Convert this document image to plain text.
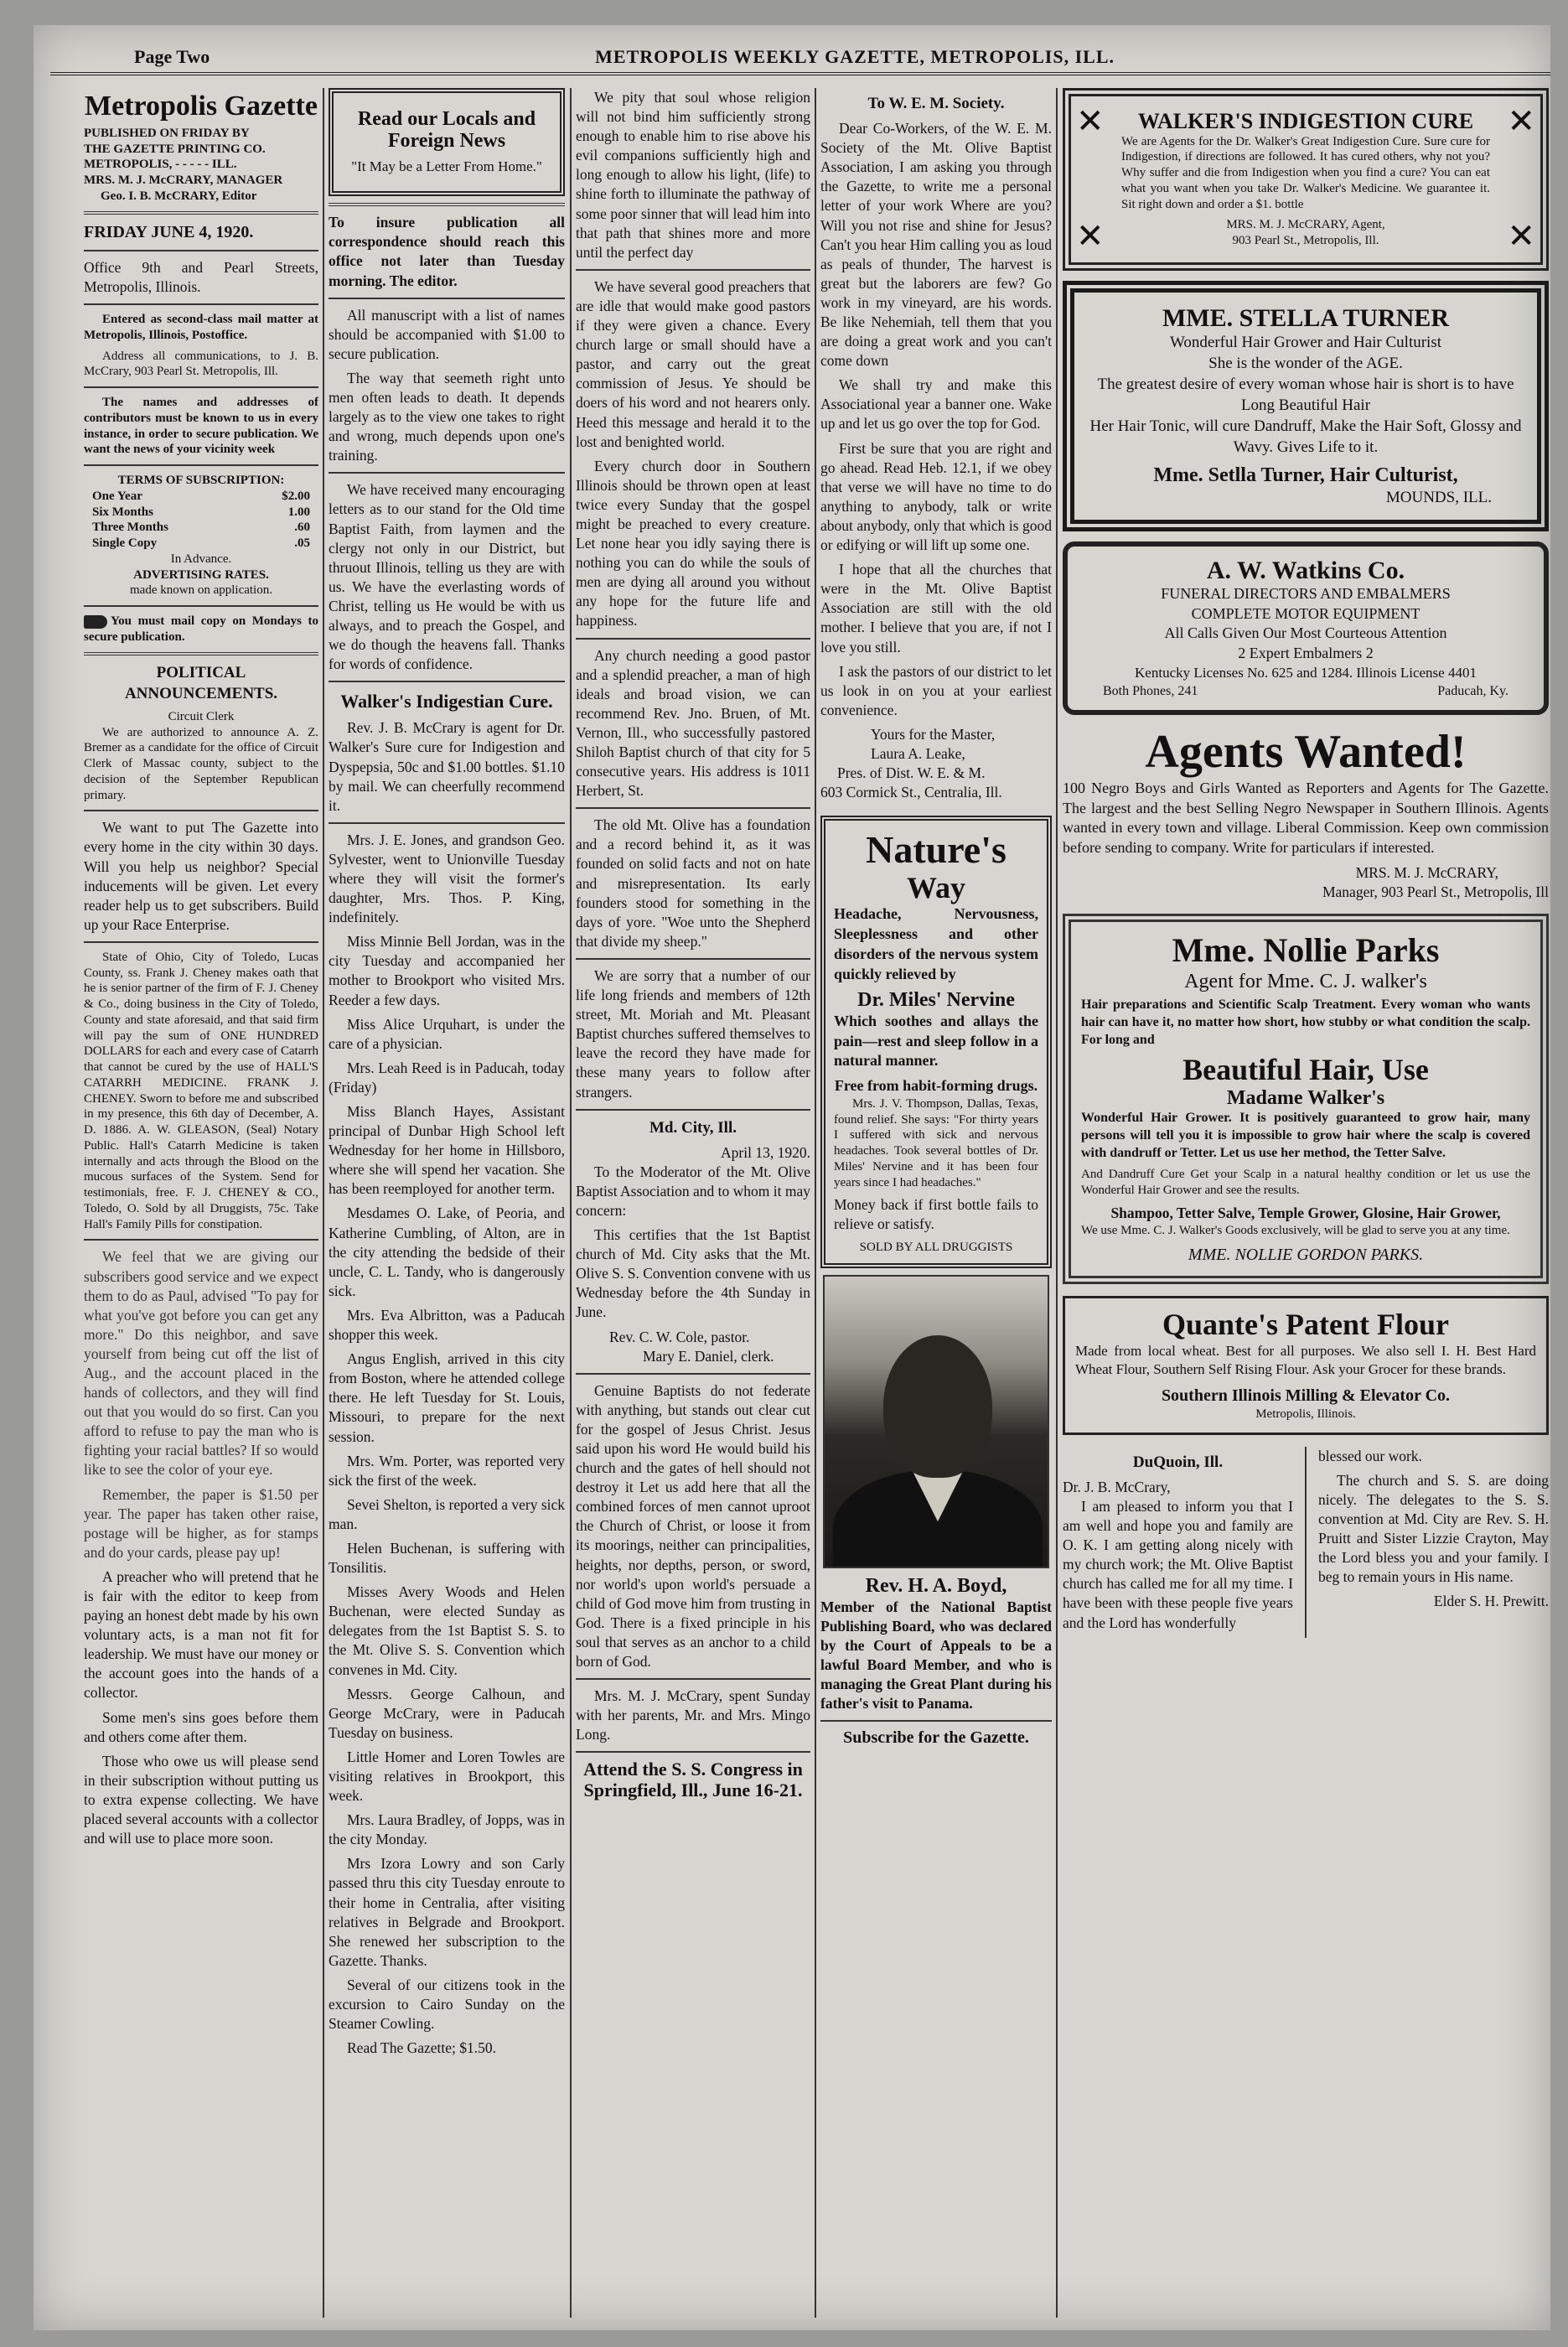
Page Two	METROPOLIS WEEKLY GAZETTE, METROPOLIS, ILL.
Metropolis Gazette
PUBLISHED ON FRIDAY BY
THE GAZETTE PRINTING CO.
METROPOLIS, - - - - - ILL.
MRS. M. J. McCRARY, MANAGER
Geo. I. B. McCRARY, Editor
FRIDAY JUNE 4, 1920.

Office 9th and Pearl Streets, Metropolis, Illinois.

Entered as second-class mail matter at Metropolis, Illinois, Postoffice.

Address all communications, to J. B. McCrary, 903 Pearl St. Metropolis, Ill.

The names and addresses of contributors must be known to us in every instance, in order to secure publication. We want the news of your vicinity week

TERMS OF SUBSCRIPTION:
One Year	$2.00
Six Months	1.00
Three Months	.60
Single Copy	.05
In Advance.
ADVERTISING RATES.
made known on application.

You must mail copy on Mondays to secure publication.

POLITICAL ANNOUNCEMENTS.
Circuit Clerk

We are authorized to announce A. Z. Bremer as a candidate for the office of Circuit Clerk of Massac county, subject to the decision of the September Republican primary.

We want to put The Gazette into every home in the city within 30 days. Will you help us neighbor? Special inducements will be given. Let every reader help us to get subscribers. Build up your Race Enterprise.

State of Ohio, City of Toledo, Lucas County, ss. Frank J. Cheney makes oath that he is senior partner of the firm of F. J. Cheney & Co., doing business in the City of Toledo, County and state aforesaid, and that said firm will pay the sum of ONE HUNDRED DOLLARS for each and every case of Catarrh that cannot be cured by the use of HALL'S CATARRH MEDICINE. FRANK J. CHENEY. Sworn to before me and subscribed in my presence, this 6th day of December, A. D. 1886. A. W. GLEASON, (Seal) Notary Public. Hall's Catarrh Medicine is taken internally and acts through the Blood on the mucous surfaces of the System. Send for testimonials, free. F. J. CHENEY & CO., Toledo, O. Sold by all Druggists, 75c. Take Hall's Family Pills for constipation.

We feel that we are giving our subscribers good service and we expect them to do as Paul, advised "To pay for what you've got before you can get any more." Do this neighbor, and save yourself from being cut off the list of Aug., and the account placed in the hands of collectors, and they will find out that you would do so first. Can you afford to refuse to pay the man who is fighting your racial battles? If so would like to see the color of your eye.

Remember, the paper is $1.50 per year. The paper has taken other raise, postage will be higher, as for stamps and do your cards, please pay up!

A preacher who will pretend that he is fair with the editor to keep from paying an honest debt made by his own voluntary acts, is a man not fit for leadership. We must have our money or the account goes into the hands of a collector.

Some men's sins goes before them and others come after them.

Those who owe us will please send in their subscription without putting us to extra expense collecting. We have placed several accounts with a collector and will use to place more soon.

Read our Locals and Foreign News
"It May be a Letter From Home."

To insure publication all correspondence should reach this office not later than Tuesday morning. The editor.

All manuscript with a list of names should be accompanied with $1.00 to secure publication.

The way that seemeth right unto men often leads to death. It depends largely as to the view one takes to right and wrong, much depends upon one's training.

We have received many encouraging letters as to our stand for the Old time Baptist Faith, from laymen and the clergy not only in our District, but thruout Illinois, telling us they are with us. We have the everlasting words of Christ, telling us He would be with us always, and to preach the Gospel, and we do though the heavens fall. Thanks for words of confidence.

Walker's Indigestian Cure.

Rev. J. B. McCrary is agent for Dr. Walker's Sure cure for Indigestion and Dyspepsia, 50c and $1.00 bottles. $1.10 by mail. We can cheerfully recommend it.

Mrs. J. E. Jones, and grandson Geo. Sylvester, went to Unionville Tuesday where they will visit the former's daughter, Mrs. Thos. P. King, indefinitely.

Miss Minnie Bell Jordan, was in the city Tuesday and accompanied her mother to Brookport who visited Mrs. Reeder a few days.

Miss Alice Urquhart, is under the care of a physician.

Mrs. Leah Reed is in Paducah, today (Friday)

Miss Blanch Hayes, Assistant principal of Dunbar High School left Wednesday for her home in Hillsboro, where she will spend her vacation. She has been reemployed for another term.

Mesdames O. Lake, of Peoria, and Katherine Cumbling, of Alton, are in the city attending the bedside of their uncle, C. L. Tandy, who is dangerously sick.

Mrs. Eva Albritton, was a Paducah shopper this week.

Angus English, arrived in this city from Boston, where he attended college there. He left Tuesday for St. Louis, Missouri, to prepare for the next session.

Mrs. Wm. Porter, was reported very sick the first of the week.

Sevei Shelton, is reported a very sick man.

Helen Buchenan, is suffering with Tonsilitis.

Misses Avery Woods and Helen Buchenan, were elected Sunday as delegates from the 1st Baptist S. S. to the Mt. Olive S. S. Convention which convenes in Md. City.

Messrs. George Calhoun, and George McCrary, were in Paducah Tuesday on business.

Little Homer and Loren Towles are visiting relatives in Brookport, this week.

Mrs. Laura Bradley, of Jopps, was in the city Monday.

Mrs Izora Lowry and son Carly passed thru this city Tuesday enroute to their home in Centralia, after visiting relatives in Belgrade and Brookport. She renewed her subscription to the Gazette. Thanks.

Several of our citizens took in the excursion to Cairo Sunday on the Steamer Cowling.

Read The Gazette; $1.50.

We pity that soul whose religion will not bind him sufficiently strong enough to enable him to rise above his evil companions sufficiently high and long enough to allow his light, (life) to shine forth to illuminate the pathway of some poor sinner that will lead him into that path that shines more and more until the perfect day

We have several good preachers that are idle that would make good pastors if they were given a chance. Every church large or small should have a pastor, and carry out the great commission of Jesus. Ye should be doers of his word and not hearers only. Heed this message and herald it to the lost and benighted world.

Every church door in Southern Illinois should be thrown open at least twice every Sunday that the gospel might be preached to every creature. Let none hear you idly saying there is nothing you can do while the souls of men are dying all around you without any hope for the future life and happiness.

Any church needing a good pastor and a splendid preacher, a man of high ideals and broad vision, we can recommend Rev. Jno. Bruen, of Mt. Vernon, Ill., who successfully pastored Shiloh Baptist church of that city for 5 consecutive years. His address is 1011 Herbert, St.

The old Mt. Olive has a foundation and a record behind it, as it was founded on solid facts and not on hate and misrepresentation. Its early founders stood for something in the days of yore. "Woe unto the Shepherd that divide my sheep."

We are sorry that a number of our life long friends and members of 12th street, Mt. Moriah and Mt. Pleasant Baptist churches suffered themselves to leave the record they have made for these many years to follow after strangers.

Md. City, Ill.
April 13, 1920.

To the Moderator of the Mt. Olive Baptist Association and to whom it may concern:

This certifies that the 1st Baptist church of Md. City asks that the Mt. Olive S. S. Convention convene with us Wednesday before the 4th Sunday in June.

Rev. C. W. Cole, pastor.
Mary E. Daniel, clerk.

Genuine Baptists do not federate with anything, but stands out clear cut for the gospel of Jesus Christ. Jesus said upon his word He would build his church and the gates of hell should not destroy it Let us add here that all the combined forces of men cannot uproot the Church of Christ, or loose it from its moorings, neither can principalities, heights, nor depths, person, or sword, nor world's upon world's persuade a child of God move him from trusting in God. There is a fixed principle in his soul that serves as an anchor to a child born of God.

Mrs. M. J. McCrary, spent Sunday with her parents, Mr. and Mrs. Mingo Long.

Attend the S. S. Congress in Springfield, Ill., June 16-21.
To W. E. M. Society.

Dear Co-Workers, of the W. E. M. Society of the Mt. Olive Baptist Association, I am asking you through the Gazette, to write me a personal letter of your work Where are you? Will you not rise and shine for Jesus? Can't you hear Him calling you as loud as peals of thunder, The harvest is great but the laborers are few? Go work in my vineyard, are his words. Be like Nehemiah, tell them that you are doing a great work and you can't come down

We shall try and make this Associational year a banner one. Wake up and let us go over the top for God.

First be sure that you are right and go ahead. Read Heb. 12.1, if we obey that verse we will have no time to do anything to anybody, talk or write about anybody, only that which is good or edifying or will lift up some one.

I hope that all the churches that were in the Mt. Olive Baptist Association are still with the old mother. I believe that you are, if not I love you still.

I ask the pastors of our district to let us look in on you at your earliest convenience.

Yours for the Master,
Laura A. Leake,
Pres. of Dist. W. E. & M.
603 Cormick St., Centralia, Ill.
Nature's
Way

Headache, Nervousness, Sleeplessness and other disorders of the nervous system quickly relieved by

Dr. Miles' Nervine

Which soothes and allays the pain—rest and sleep follow in a natural manner.

Free from habit-forming drugs.

Mrs. J. V. Thompson, Dallas, Texas, found relief. She says: "For thirty years I suffered with sick and nervous headaches. Took several bottles of Dr. Miles' Nervine and it has been four years since I had headaches."

Money back if first bottle fails to relieve or satisfy.

SOLD BY ALL DRUGGISTS
Rev. H. A. Boyd,

Member of the National Baptist Publishing Board, who was declared by the Court of Appeals to be a lawful Board Member, and who is managing the Great Plant during his father's visit to Panama.

Subscribe for the Gazette.
✕	✕
✕	✕
WALKER'S INDIGESTION CURE

We are Agents for the Dr. Walker's Great Indigestion Cure. Sure cure for Indigestion, if directions are followed. It has cured others, why not you? Why suffer and die from Indigestion when you find a cure? You can eat what you want when you take Dr. Walker's Medicine. We guarantee it. Sit right down and order a $1. bottle

MRS. M. J. McCRARY, Agent,
903 Pearl St., Metropolis, Ill.
MME. STELLA TURNER
Wonderful Hair Grower and Hair Culturist
She is the wonder of the AGE.
The greatest desire of every woman whose hair is short is to have Long Beautiful Hair
Her Hair Tonic, will cure Dandruff, Make the Hair Soft, Glossy and Wavy. Gives Life to it.
Mme. Setlla Turner, Hair Culturist,
MOUNDS, ILL.
A. W. Watkins Co.
FUNERAL DIRECTORS AND EMBALMERS
COMPLETE MOTOR EQUIPMENT
All Calls Given Our Most Courteous Attention
2 Expert Embalmers 2
Kentucky Licenses No. 625 and 1284. Illinois License 4401
Both Phones, 241	Paducah, Ky.
Agents Wanted!

100 Negro Boys and Girls Wanted as Reporters and Agents for The Gazette. The largest and the best Selling Negro Newspaper in Southern Illinois. Agents wanted in every town and village. Liberal Commission. Keep own commission before sending to company. Write for particulars if interested.

MRS. M. J. McCRARY,
Manager, 903 Pearl St., Metropolis, Ill
Mme. Nollie Parks
Agent for Mme. C. J. walker's

Hair preparations and Scientific Scalp Treatment. Every woman who wants hair can have it, no matter how short, how stubby or what condition the scalp. For long and

Beautiful Hair, Use
Madame Walker's

Wonderful Hair Grower. It is positively guaranteed to grow hair, many persons will tell you it is impossible to grow hair where the scalp is covered with dandruff or Tetter. Let us use her method, the Tetter Salve.

And Dandruff Cure Get your Scalp in a natural healthy condition or let us use the Wonderful Hair Grower and see the results.

Shampoo, Tetter Salve, Temple Grower, Glosine, Hair Grower,

We use Mme. C. J. Walker's Goods exclusively, will be glad to serve you at any time.

MME. NOLLIE GORDON PARKS.
Quante's Patent Flour

Made from local wheat. Best for all purposes. We also sell I. H. Best Hard Wheat Flour, Southern Self Rising Flour. Ask your Grocer for these brands.

Southern Illinois Milling & Elevator Co.
Metropolis, Illinois.
DuQuoin, Ill.
Dr. J. B. McCrary,

I am pleased to inform you that I am well and hope you and family are O. K. I am getting along nicely with my church work; the Mt. Olive Baptist church has called me for all my time. I have been with these people five years and the Lord has wonderfully

blessed our work.

The church and S. S. are doing nicely. The delegates to the S. S. convention at Md. City are Rev. S. H. Pruitt and Sister Lizzie Crayton, May the Lord bless you and your family. I beg to remain yours in His name.

Elder S. H. Prewitt.
